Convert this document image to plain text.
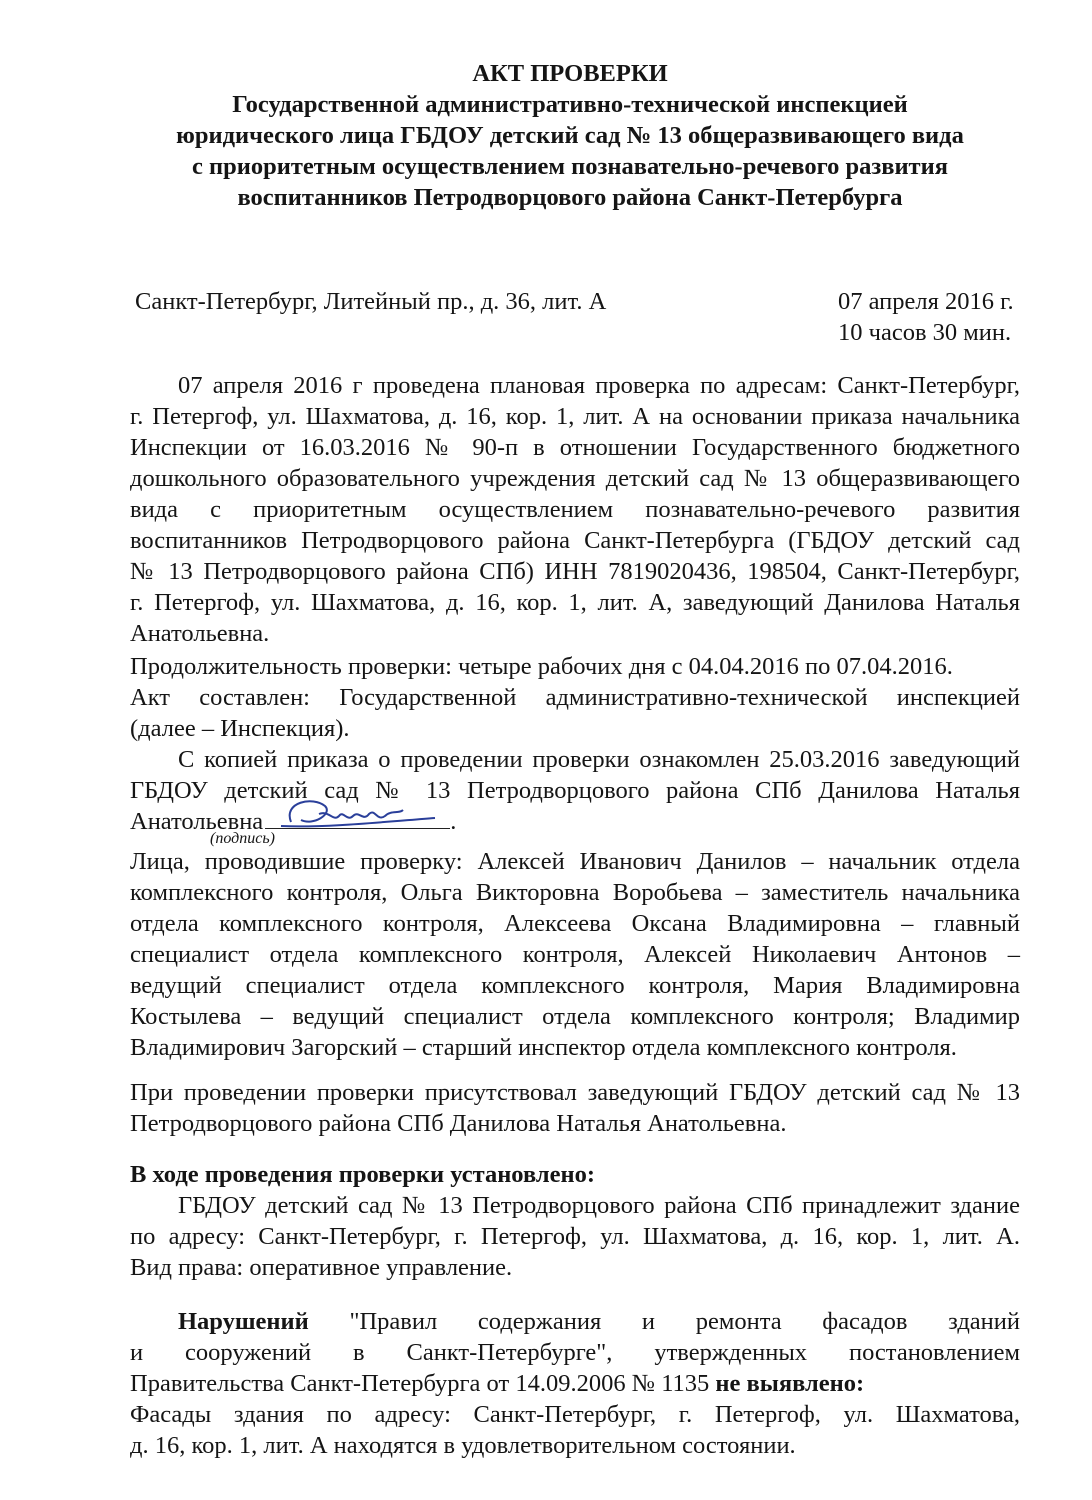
АКТ ПРОВЕРКИ
Государственной административно-технической инспекцией
юридического лица ГБДОУ детский сад № 13 общеразвивающего вида
с приоритетным осуществлением познавательно-речевого развития
воспитанников Петродворцового района Санкт-Петербурга
Санкт-Петербург, Литейный пр., д. 36, лит. А	07 апреля 2016 г.
10 часов 30 мин.

07 апреля 2016 г проведена плановая проверка по адресам: Санкт-Петербург,

г. Петергоф, ул. Шахматова, д. 16, кор. 1, лит. А на основании приказа начальника

Инспекции от 16.03.2016 № 90-п в отношении Государственного бюджетного

дошкольного образовательного учреждения детский сад № 13 общеразвивающего

вида с приоритетным осуществлением познавательно-речевого развития

воспитанников Петродворцового района Санкт-Петербурга (ГБДОУ детский сад

№ 13 Петродворцового района СПб) ИНН 7819020436, 198504, Санкт-Петербург,

г. Петергоф, ул. Шахматова, д. 16, кор. 1, лит. А, заведующий Данилова Наталья

Анатольевна.

Продолжительность проверки: четыре рабочих дня с 04.04.2016 по 07.04.2016.

Акт составлен: Государственной административно-технической инспекцией

(далее – Инспекция).

С копией приказа о проведении проверки ознакомлен 25.03.2016 заведующий

ГБДОУ детский сад № 13 Петродворцового района СПб Данилова Наталья

Анатольевна	.

(подпись)

Лица, проводившие проверку: Алексей Иванович Данилов – начальник отдела

комплексного контроля, Ольга Викторовна Воробьева – заместитель начальника

отдела комплексного контроля, Алексеева Оксана Владимировна – главный

специалист отдела комплексного контроля, Алексей Николаевич Антонов –

ведущий специалист отдела комплексного контроля, Мария Владимировна

Костылева – ведущий специалист отдела комплексного контроля; Владимир

Владимирович Загорский – старший инспектор отдела комплексного контроля.

При проведении проверки присутствовал заведующий ГБДОУ детский сад № 13

Петродворцового района СПб Данилова Наталья Анатольевна.

В ходе проведения проверки установлено:

ГБДОУ детский сад № 13 Петродворцового района СПб принадлежит здание

по адресу: Санкт-Петербург, г. Петергоф, ул. Шахматова, д. 16, кор. 1, лит. А.

Вид права: оперативное управление.

Нарушений "Правил содержания и ремонта фасадов зданий

и сооружений в Санкт-Петербурге", утвержденных постановлением

Правительства Санкт-Петербурга от 14.09.2006 № 1135 не выявлено:

Фасады здания по адресу: Санкт-Петербург, г. Петергоф, ул. Шахматова,

д. 16, кор. 1, лит. А находятся в удовлетворительном состоянии.
